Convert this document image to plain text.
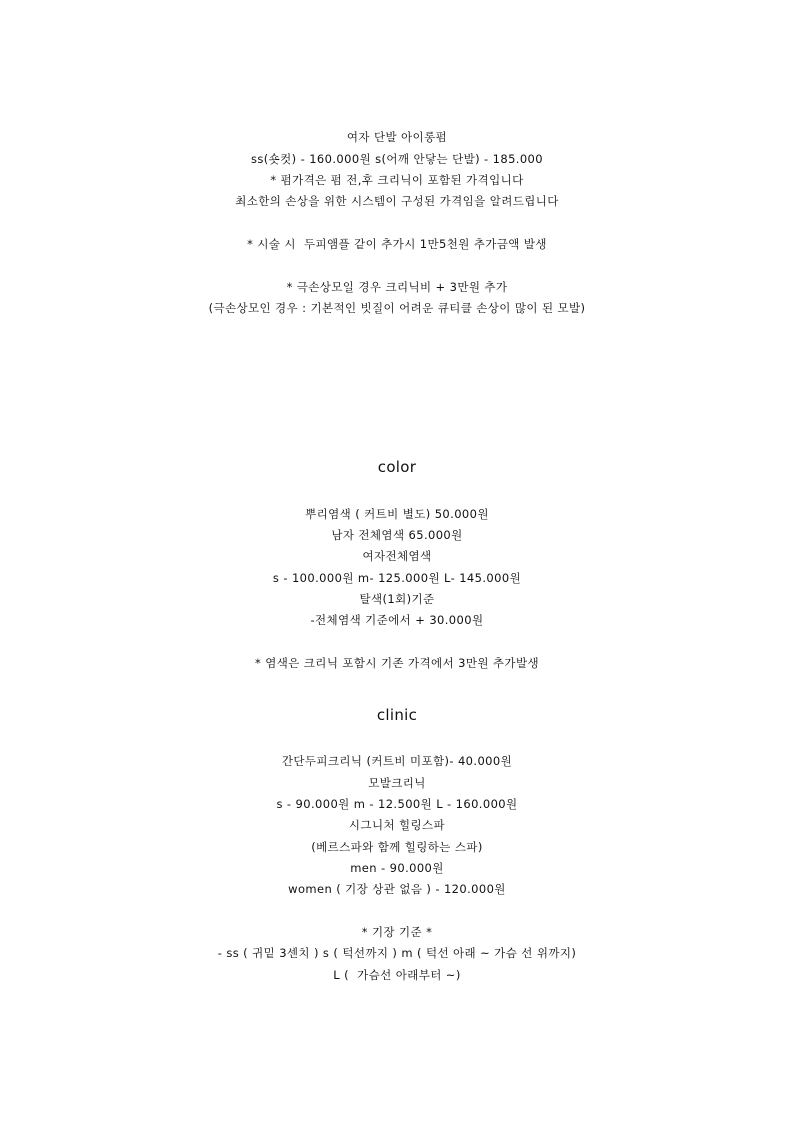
여자 단발 아이롱펌
ss(숏컷) - 160.000원 s(어깨 안닿는 단발) - 185.000
* 펌가격은 펌 전,후 크리닉이 포함된 가격입니다
최소한의 손상을 위한 시스템이 구성된 가격임을 알려드립니다
* 시술 시  두피앰플 같이 추가시 1만5천원 추가금액 발생
* 극손상모일 경우 크리닉비 + 3만원 추가
(극손상모인 경우 : 기본적인 빗질이 어려운 큐티클 손상이 많이 된 모발)
color
뿌리염색 ( 커트비 별도) 50.000원
남자 전체염색 65.000원
여자전체염색
s - 100.000원 m- 125.000원 L- 145.000원
탈색(1회)기준
-전체염색 기준에서 + 30.000원
* 염색은 크리닉 포함시 기존 가격에서 3만원 추가발생
clinic
간단두피크리닉 (커트비 미포함)- 40.000원
모발크리닉
s - 90.000원 m - 12.500원 L - 160.000원
시그니처 힐링스파
(베르스파와 함께 힐링하는 스파)
men - 90.000원
women ( 기장 상관 없음 ) - 120.000원
* 기장 기준 *
- ss ( 귀밑 3센치 ) s ( 턱선까지 ) m ( 턱선 아래 ~ 가슴 선 위까지)
L (  가슴선 아래부터 ~)
